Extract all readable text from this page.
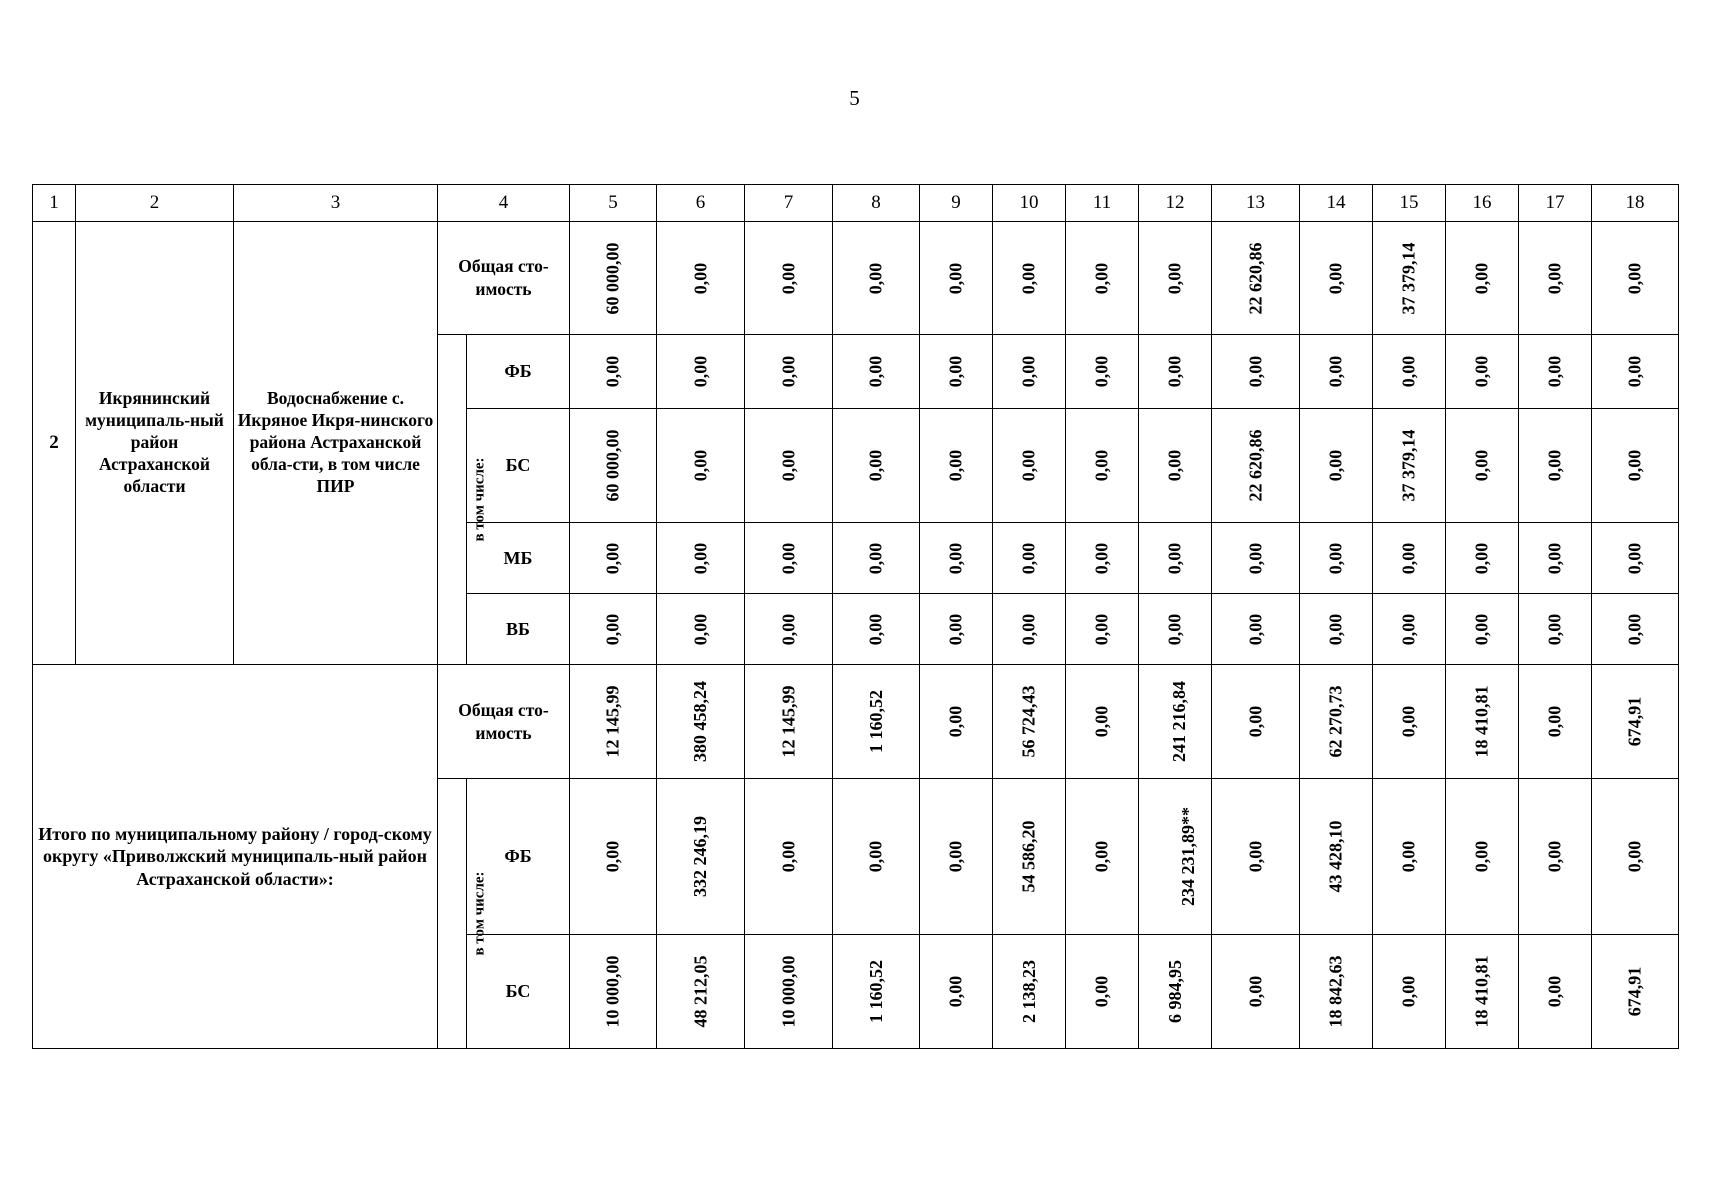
5
1	2	3	4		5	6	7	8	9	10	11	12	13	14	15	16	17	18
2	Икрянинский муниципаль-ный район Астраханской области	Водоснабжение с. Икряное Икря-нинского района Астраханской обла-сти, в том числе ПИР	Общая сто-имость		60 000,00	0,00	0,00	0,00	0,00	0,00	0,00	0,00	22 620,86	0,00	37 379,14	0,00	0,00	0,00
			в том числе:	ФБ	0,00	0,00	0,00	0,00	0,00	0,00	0,00	0,00	0,00	0,00	0,00	0,00	0,00	0,00
				БС	60 000,00	0,00	0,00	0,00	0,00	0,00	0,00	0,00	22 620,86	0,00	37 379,14	0,00	0,00	0,00
				МБ	0,00	0,00	0,00	0,00	0,00	0,00	0,00	0,00	0,00	0,00	0,00	0,00	0,00	0,00
				ВБ	0,00	0,00	0,00	0,00	0,00	0,00	0,00	0,00	0,00	0,00	0,00	0,00	0,00	0,00
Итого по муниципальному району / город-скому округу «Приволжский муниципаль-ный район Астраханской области»:			Общая сто-имость		12 145,99	380 458,24	12 145,99	1 160,52	0,00	56 724,43	0,00	241 216,84	0,00	62 270,73	0,00	18 410,81	0,00	674,91
			в том числе:	ФБ	0,00	332 246,19	0,00	0,00	0,00	54 586,20	0,00	234 231,89**	0,00	43 428,10	0,00	0,00	0,00	0,00
				БС	10 000,00	48 212,05	10 000,00	1 160,52	0,00	2 138,23	0,00	6 984,95	0,00	18 842,63	0,00	18 410,81	0,00	674,91
